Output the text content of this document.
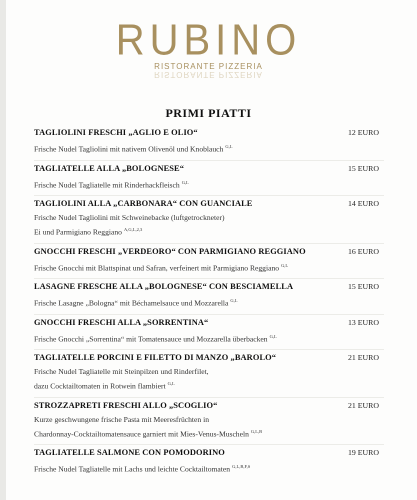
RUBINO
RISTORANTE PIZZERIA
RISTORANTE PIZZERIA
PRIMI PIATTI
TAGLIOLINI FRESCHI „AGLIO E OLIO“	12 EURO
Frische Nudel Tagliolini mit nativem Olivenöl und Knoblauch $^{G,L}$
TAGLIATELLE ALLA „BOLOGNESE“	15 EURO
Frische Nudel Tagliatelle mit Rinderhackfleisch $^{G,L}$
TAGLIOLINI ALLA „CARBONARA“ CON GUANCIALE	14 EURO
Frische Nudel Tagliolini mit Schweinebacke (luftgetrockneter)
Ei und Parmigiano Reggiano $^{A,G,L,2,3}$
GNOCCHI FRESCHI „VERDEORO“ CON PARMIGIANO REGGIANO	16 EURO
Frische Gnocchi mit Blattspinat und Safran, verfeinert mit Parmigiano Reggiano $^{G,L}$
LASAGNE FRESCHE ALLA „BOLOGNESE“ CON BESCIAMELLA	15 EURO
Frische Lasagne „Bologna“ mit Béchamelsauce und Mozzarella $^{G,L}$
GNOCCHI FRESCHI ALLA „SORRENTINA“	13 EURO
Frische Gnocchi „Sorrentina“ mit Tomatensauce und Mozzarella überbacken $^{G,L}$
TAGLIATELLE PORCINI E FILETTO DI MANZO „BAROLO“	21 EURO
Frische Nudel Tagliatelle mit Steinpilzen und Rinderfilet,
dazu Cocktailtomaten in Rotwein flambiert $^{G,L}$
STROZZAPRETI FRESCHI ALLO „SCOGLIO“	21 EURO
Kurze geschwungene frische Pasta mit Meeresfrüchten in
Chardonnay-Cocktailtomatensauce garniert mit Mies-Venus-Muscheln $^{G,L,B}$
TAGLIATELLE SALMONE CON POMODORINO	19 EURO
Frische Nudel Tagliatelle mit Lachs und leichte Cocktailtomaten $^{G,L,B,F,S}$
